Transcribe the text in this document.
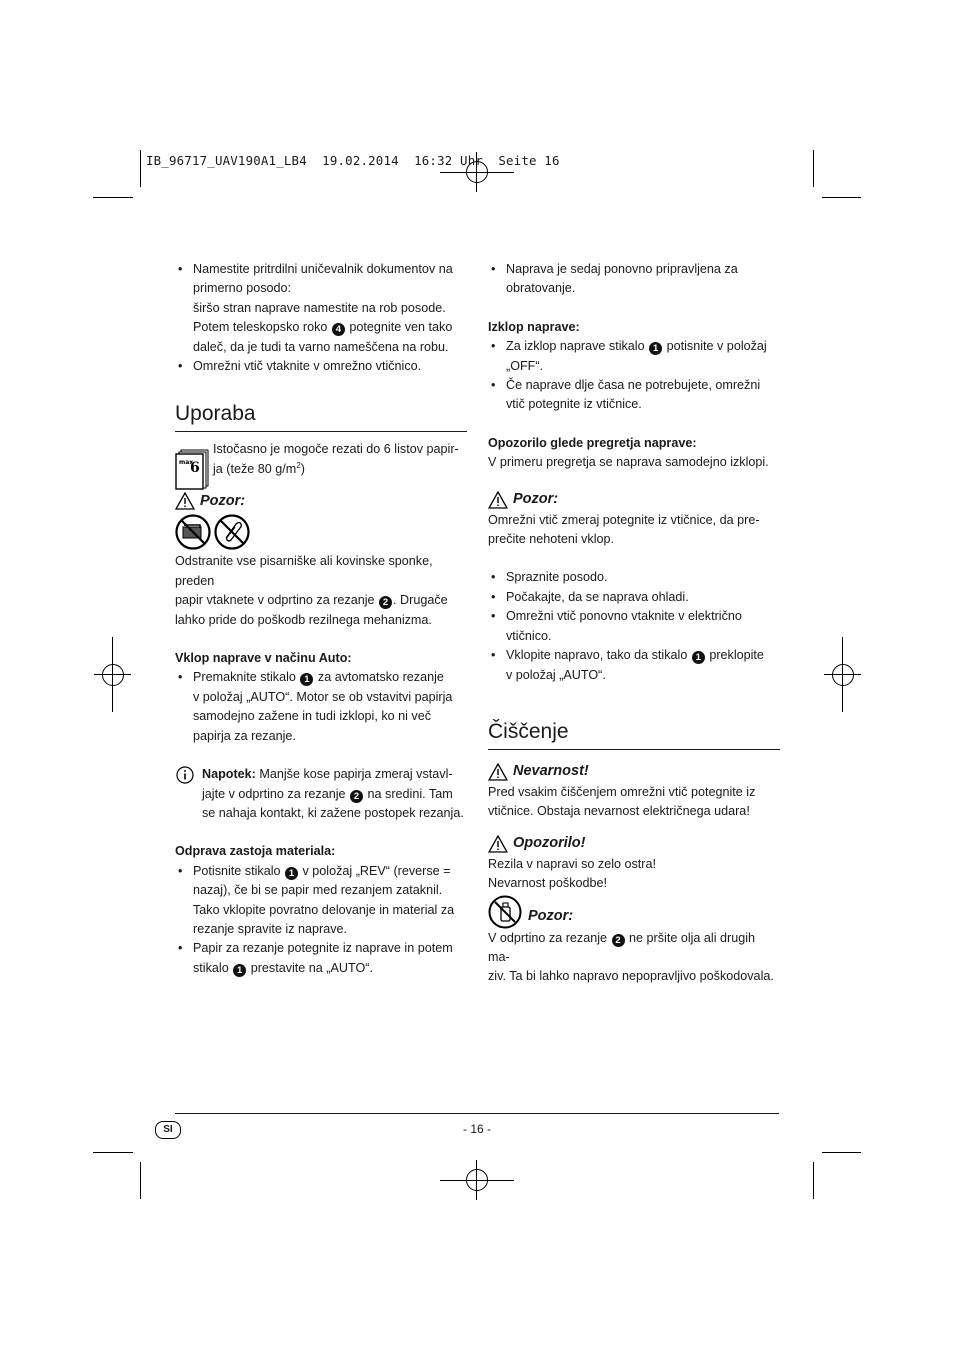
IB_96717_UAV190A1_LB4  19.02.2014  16:32 Uhr  Seite 16
• Namestite pritrdilni uničevalnik dokumentov na
primerno posodo:
širšo stran naprave namestite na rob posode.
Potem teleskopsko roko 4 potegnite ven tako
dalеč, da je tudi ta varno nameščena na robu.
• Omrežni vtič vtaknite v omrežno vtičnico.
Uporaba
max
6

Istočasno je mogoče rezati do 6 listov papir-
ja (teže 80 $g/m^2$)

Pozor:

Odstranite vse pisarniške ali kovinske sponke, preden
papir vtaknete v odprtino za rezanje 2 . Drugače
lahko pride do poškodb rezilnega mehanizma.

Vklop naprave v načinu Auto:

• Premaknite stikalo 1 za avtomatsko rezanje
v položaj „AUTO“. Motor se ob vstavitvi papirja
samodejno zažene in tudi izklopi, ko ni več
papirja za rezanje.

Napotek: Manjše kose papirja zmeraj vstavl-
jajte v odprtino za rezanje 2 na sredini. Tam
se nahaja kontakt, ki zažene postopek rezanja.

Odprava zastoja materiala:

• Potisnite stikalo 1 v položaj „REV“ (reverse =
nazaj), če bi se papir med rezanjem zataknil.
Tako vklopite povratno delovanje in material za
rezanje spravite iz naprave.
• Papir za rezanje potegnite iz naprave in potem
stikalo 1 prestavite na „AUTO“.
• Naprava je sedaj ponovno pripravljena za
obratovanje.

Izklop naprave:

• Za izklop naprave stikalo 1 potisnite v položaj
„OFF“.
• Če naprave dlje časa ne potrebujete, omrežni
vtič potegnite iz vtičnice.

Opozorilo glede pregretja naprave:

V primeru pregretja se naprava samodejno izklopi.

Pozor:

Omrežni vtič zmeraj potegnite iz vtičnice, da pre-
prečite nehoteni vklop.

• Spraznite posodo.
• Počakajte, da se naprava ohladi.
• Omrežni vtič ponovno vtaknite v električno vtičnico.
• Vklopite napravo, tako da stikalo 1 preklopite
v položaj „AUTO“.
Čiščenje
Nevarnost!

Pred vsakim čiščenjem omrežni vtič potegnite iz
vtičnice. Obstaja nevarnost električnega udara!

Opozorilo!

Rezila v napravi so zelo ostra!
Nevarnost poškodbe!

Pozor:

V odprtino za rezanje 2 ne pršite olja ali drugih ma-
ziv. Ta bi lahko napravo nepopravljivo poškodovala.

SI	- 16 -
